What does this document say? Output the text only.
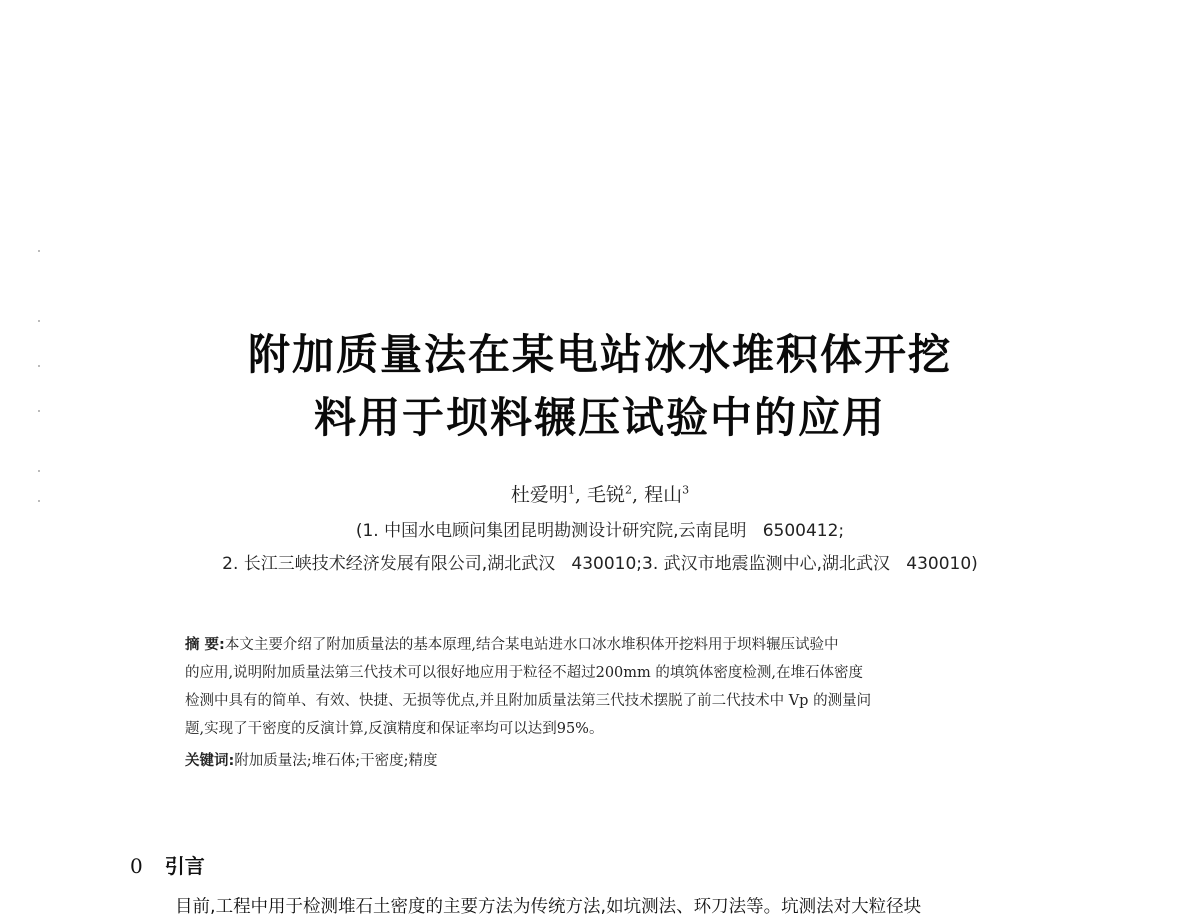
附加质量法在某电站冰水堆积体开挖
料用于坝料辗压试验中的应用
杜爱明$^1$, 毛锐$^2$, 程山$^3$
(1. 中国水电顾问集团昆明勘测设计研究院,云南昆明   6500412;
2. 长江三峡技术经济发展有限公司,湖北武汉   430010;3. 武汉市地震监测中心,湖北武汉   430010)
摘 要:本文主要介绍了附加质量法的基本原理,结合某电站进水口冰水堆积体开挖料用于坝料辗压试验中
的应用,说明附加质量法第三代技术可以很好地应用于粒径不超过200mm 的填筑体密度检测,在堆石体密度
检测中具有的简单、有效、快捷、无损等优点,并且附加质量法第三代技术摆脱了前二代技术中 Vp 的测量问
题,实现了干密度的反演计算,反演精度和保证率均可以达到95%。
关键词:附加质量法;堆石体;干密度;精度
0 引言
目前,工程中用于检测堆石土密度的主要方法为传统方法,如坑测法、环刀法等。坑测法对大粒径块
